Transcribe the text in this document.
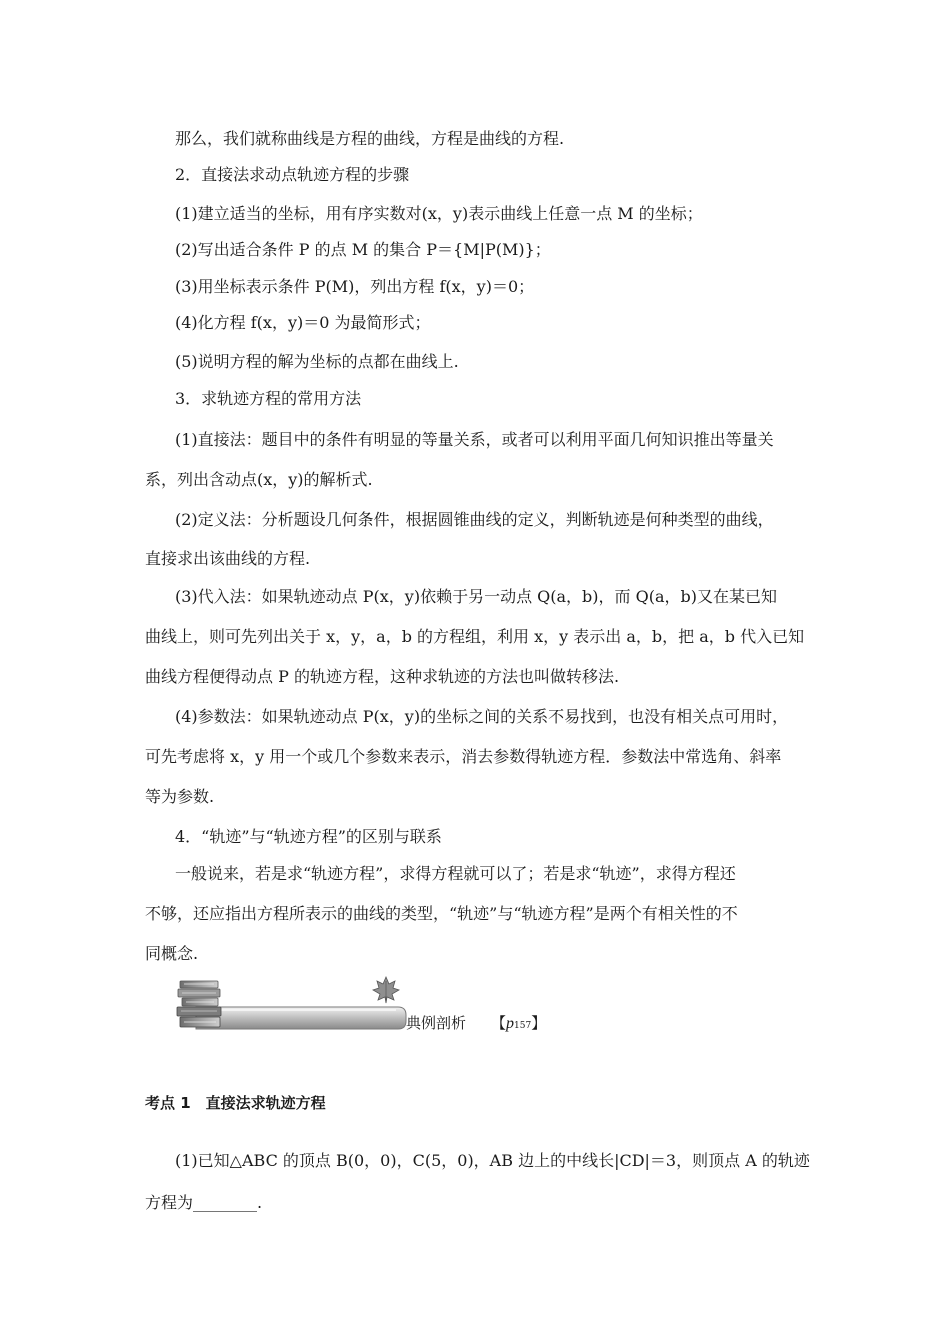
那么，我们就称曲线是方程的曲线，方程是曲线的方程.
2．直接法求动点轨迹方程的步骤
(1)建立适当的坐标，用有序实数对(x，y)表示曲线上任意一点 M 的坐标；
(2)写出适合条件 P 的点 M 的集合 P＝{M|P(M)}；
(3)用坐标表示条件 P(M)，列出方程 f(x，y)＝0；
(4)化方程 f(x，y)＝0 为最简形式；
(5)说明方程的解为坐标的点都在曲线上.
3．求轨迹方程的常用方法
(1)直接法：题目中的条件有明显的等量关系，或者可以利用平面几何知识推出等量关
系，列出含动点(x，y)的解析式.
(2)定义法：分析题设几何条件，根据圆锥曲线的定义，判断轨迹是何种类型的曲线，
直接求出该曲线的方程.
(3)代入法：如果轨迹动点 P(x，y)依赖于另一动点 Q(a，b)，而 Q(a，b)又在某已知
曲线上，则可先列出关于 x，y，a，b 的方程组，利用 x，y 表示出 a，b，把 a，b 代入已知
曲线方程便得动点 P 的轨迹方程，这种求轨迹的方法也叫做转移法.
(4)参数法：如果轨迹动点 P(x，y)的坐标之间的关系不易找到，也没有相关点可用时，
可先考虑将 x，y 用一个或几个参数来表示，消去参数得轨迹方程．参数法中常选角、斜率
等为参数.
4．“轨迹”与“轨迹方程”的区别与联系
一般说来，若是求“轨迹方程”，求得方程就可以了；若是求“轨迹”，求得方程还
不够，还应指出方程所表示的曲线的类型，“轨迹”与“轨迹方程”是两个有相关性的不
同概念.
典例剖析 【p157】
考点 1　直接法求轨迹方程
(1)已知△ABC 的顶点 B(0，0)，C(5，0)，AB 边上的中线长|CD|＝3，则顶点 A 的轨迹
方程为________.
